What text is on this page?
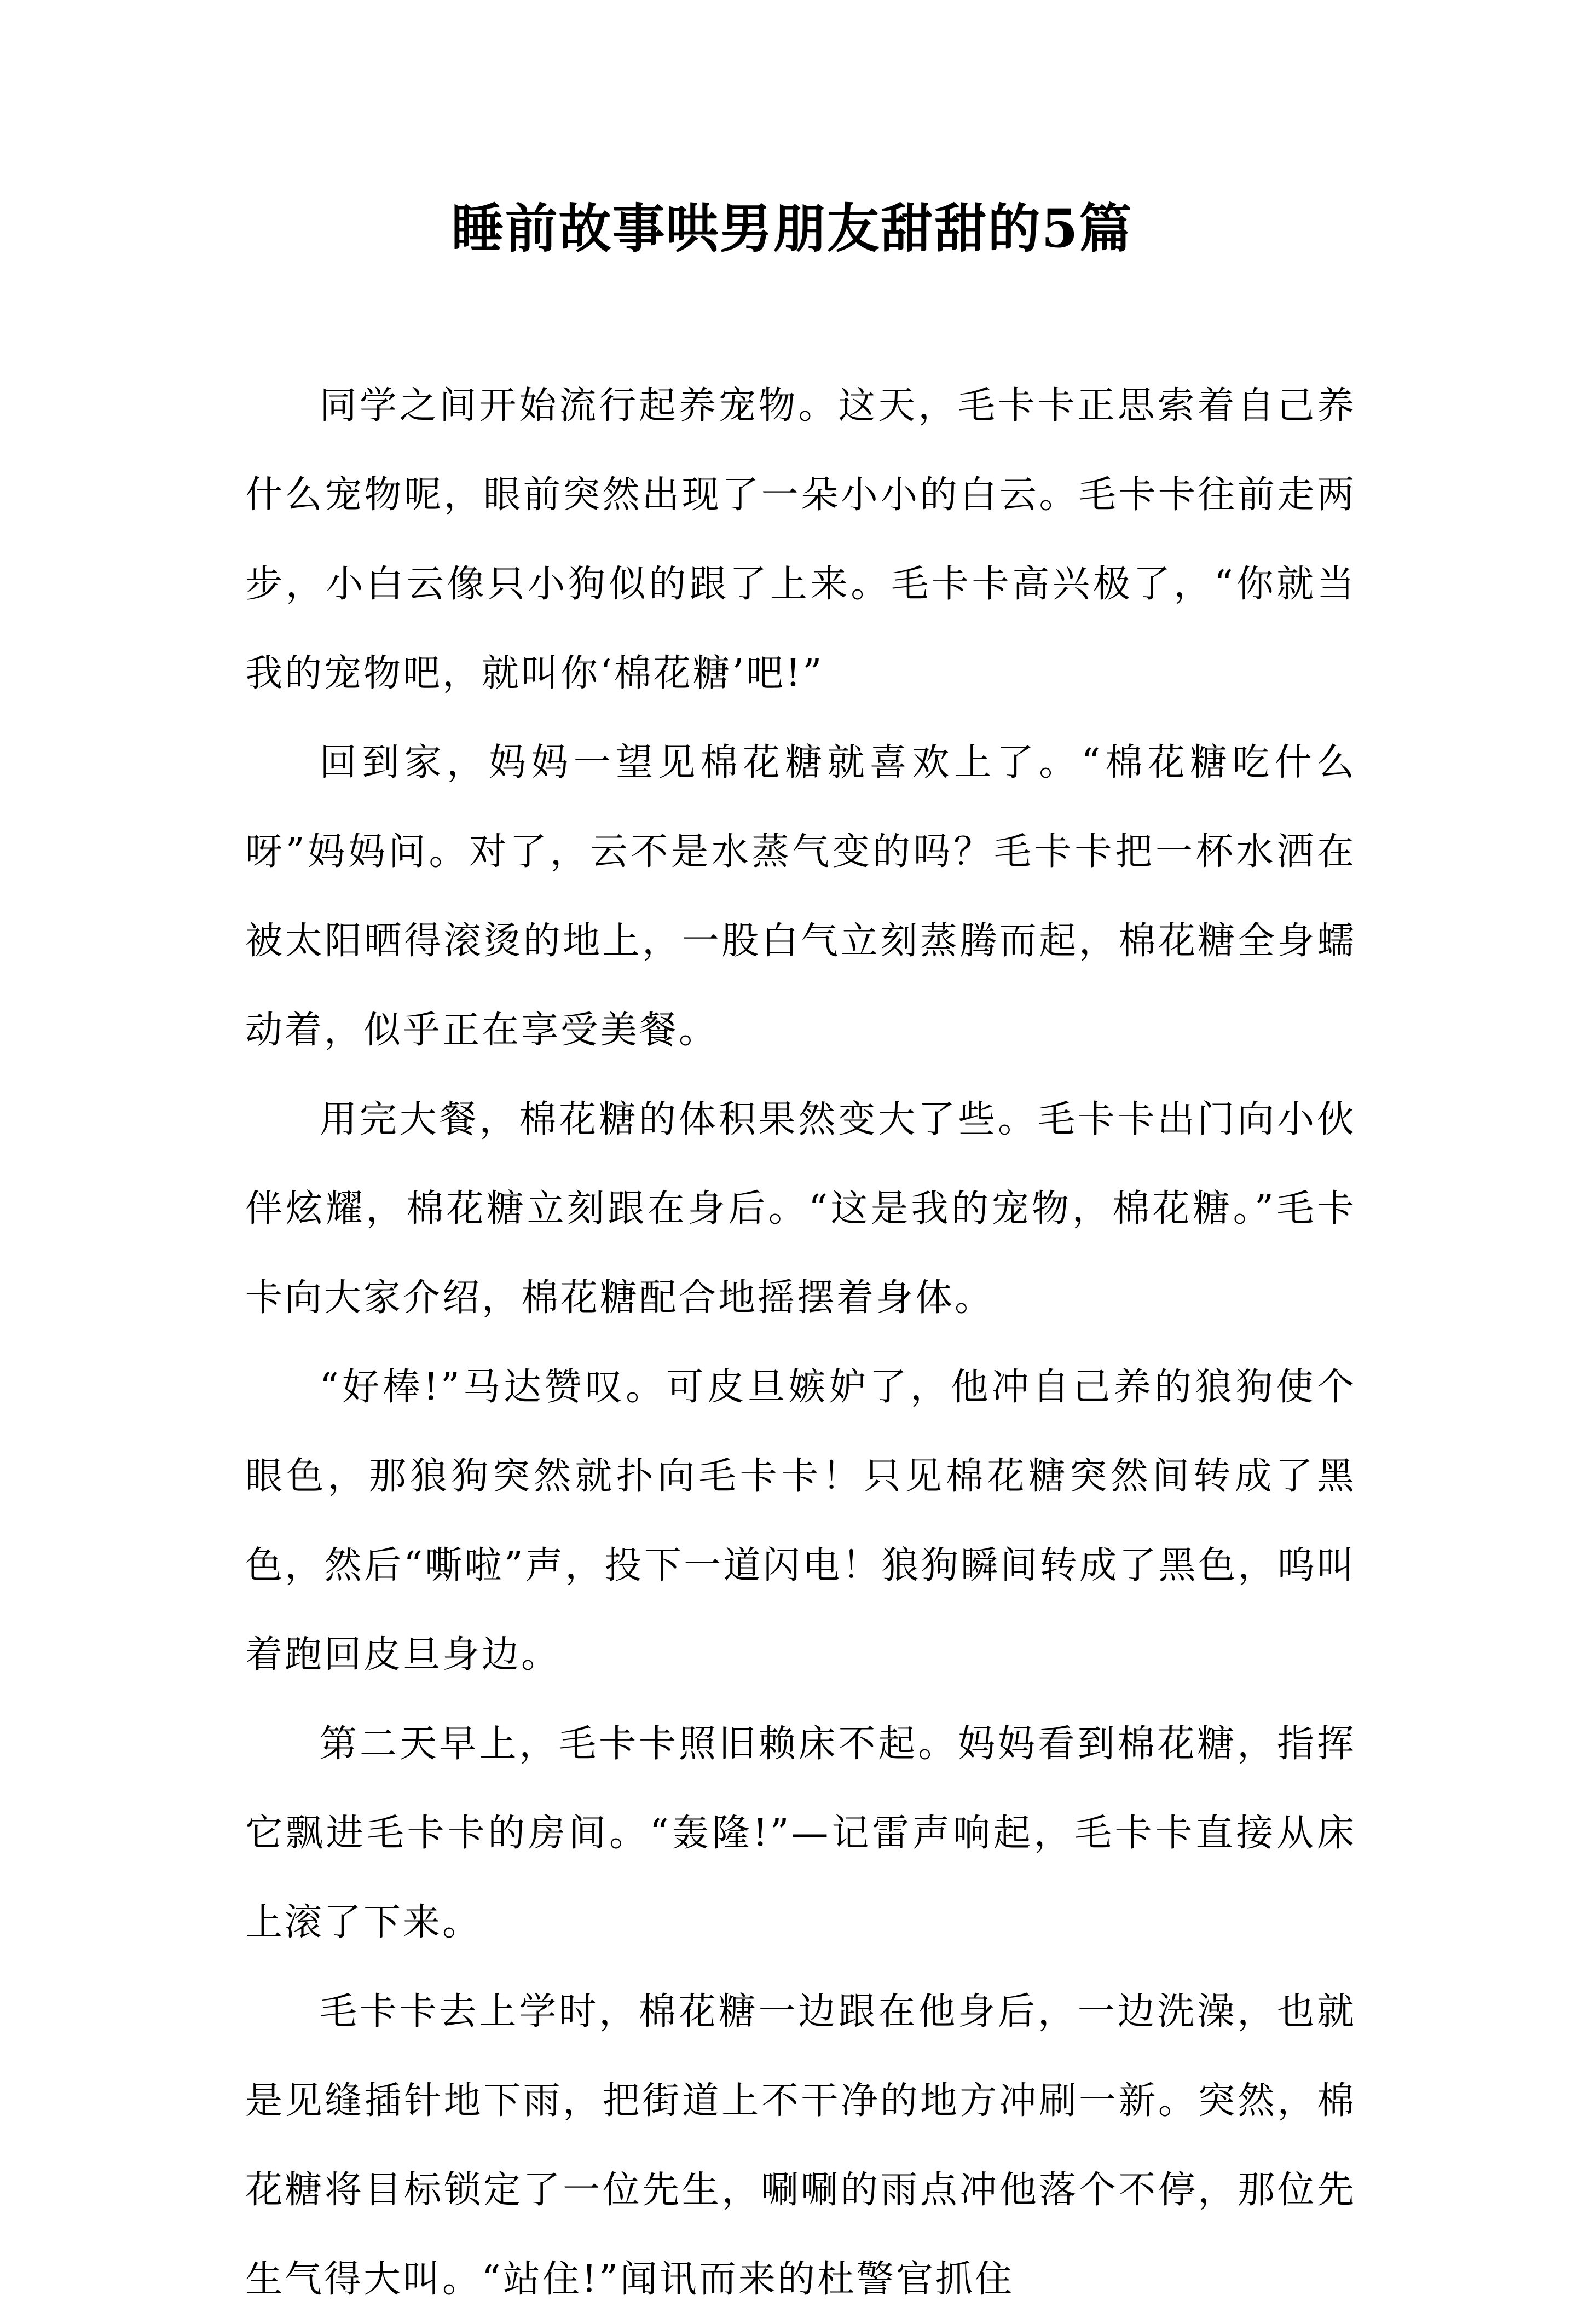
睡前故事哄男朋友甜甜的5篇

同学之间开始流行起养宠物。这天，毛卡卡正思索着自己养什么宠物呢，眼前突然出现了一朵小小的白云。毛卡卡往前走两步，小白云像只小狗似的跟了上来。毛卡卡高兴极了，“你就当我的宠物吧，就叫你‘棉花糖’吧!”

回到家，妈妈一望见棉花糖就喜欢上了。“棉花糖吃什么呀”妈妈问。对了，云不是水蒸气变的吗？毛卡卡把一杯水洒在被太阳晒得滚烫的地上，一股白气立刻蒸腾而起，棉花糖全身蠕动着，似乎正在享受美餐。

用完大餐，棉花糖的体积果然变大了些。毛卡卡出门向小伙伴炫耀，棉花糖立刻跟在身后。“这是我的宠物，棉花糖。”毛卡卡向大家介绍，棉花糖配合地摇摆着身体。

“好棒!”马达赞叹。可皮旦嫉妒了，他冲自己养的狼狗使个眼色，那狼狗突然就扑向毛卡卡！只见棉花糖突然间转成了黑色，然后“嘶啦”声，投下一道闪电！狼狗瞬间转成了黑色，呜叫着跑回皮旦身边。

第二天早上，毛卡卡照旧赖床不起。妈妈看到棉花糖，指挥它飘进毛卡卡的房间。“轰隆!”—记雷声响起，毛卡卡直接从床上滚了下来。

毛卡卡去上学时，棉花糖一边跟在他身后，一边洗澡，也就是见缝插针地下雨，把街道上不干净的地方冲刷一新。突然，棉花糖将目标锁定了一位先生，唰唰的雨点冲他落个不停，那位先生气得大叫。“站住!”闻讯而来的杜警官抓住
